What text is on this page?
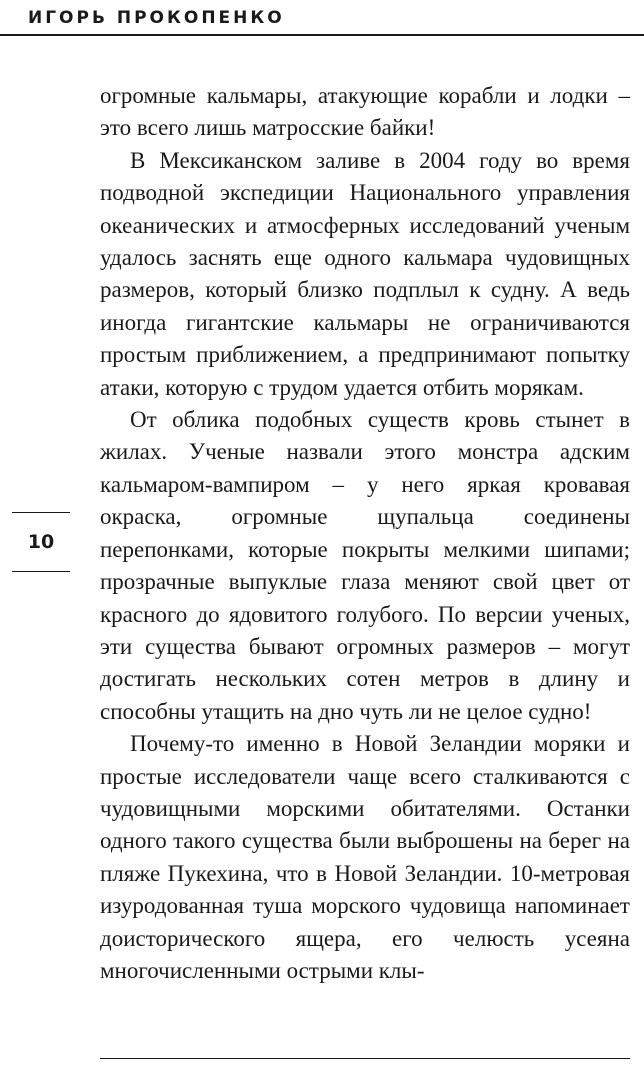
ИГОРЬ ПРОКОПЕНКО
10

огромные кальмары, атакующие корабли и лодки – это всего лишь матросские байки!

В Мексиканском заливе в 2004 году во время подводной экспедиции Национального управления океанических и атмосферных исследований ученым удалось заснять еще одного кальмара чудовищных размеров, который близко подплыл к судну. А ведь иногда гигантские кальмары не ограничиваются простым приближением, а предпринимают попытку атаки, которую с трудом удается отбить морякам.

От облика подобных существ кровь стынет в жилах. Ученые назвали этого монстра адским кальмаром-вампиром – у него яркая кровавая окраска, огромные щупальца соединены перепонками, которые покрыты мелкими шипами; прозрачные выпуклые глаза меняют свой цвет от красного до ядовитого голубого. По версии ученых, эти существа бывают огромных размеров – могут достигать нескольких сотен метров в длину и способны утащить на дно чуть ли не целое судно!

Почему-то именно в Новой Зеландии моряки и простые исследователи чаще всего сталкиваются с чудовищными морскими обитателями. Останки одного такого существа были выброшены на берег на пляже Пукехина, что в Новой Зеландии. 10-метровая изуродованная туша морского чудовища напоминает доисторического ящера, его челюсть усеяна многочисленными острыми клы-
